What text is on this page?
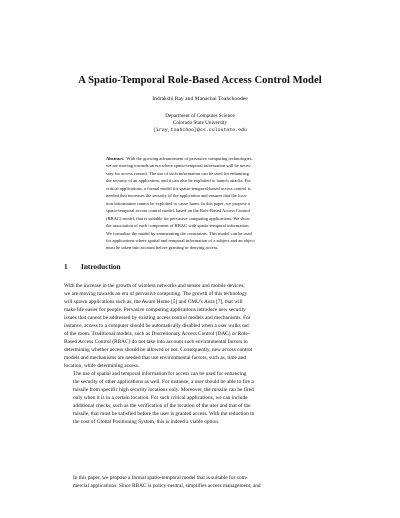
A Spatio-Temporal Role-Based Access Control Model
Indrakshi Ray and Manachai Toahchoodee
Department of Computer Science
Colorado State University
{iray,toahchoo}@cs.colostate.edu
Abstract. With the growing advancement of pervasive computing technologies,
we are moving towards an era where spatio-temporal information will be neces-
sary for access control. The use of such information can be used for enhancing
the security of an application, and it can also be exploited to launch attacks. For
critical applications, a formal model for spatio-temporal-based access control is
needed that increases the security of the application and ensures that the loca-
tion information cannot be exploited to cause harm. In this paper, we propose a
spatio-temporal access control model, based on the Role-Based Access Control
(RBAC) model, that is suitable for pervasive computing applications. We show
the association of each component of RBAC with spatio-temporal information.
We formalize the model by enumerating the constraints. This model can be used
for applications where spatial and temporal information of a subject and an object
must be taken into account before granting or denying access.
1 Introduction
With the increase in the growth of wireless networks and sensor and mobile devices,
we are moving towards an era of pervasive computing. The growth of this technology
will spawn applications such as, the Aware Home [5] and CMU's Aura [7], that will
make life easier for people. Pervasive computing applications introduce new security
issues that cannot be addressed by existing access control models and mechanisms. For
instance, access to a computer should be automatically disabled when a user walks out
of the room. Traditional models, such as Discretionary Access Control (DAC) or Role-
Based Access Control (RBAC) do not take into account such environmental factors in
determining whether access should be allowed or not. Consequently, new access control
models and mechanisms are needed that use environmental factors, such as, time and
location, while determining access.
The use of spatial and temporal information for access can be used for enhancing
the security of other applications as well. For instance, a user should be able to fire a
missile from specific high security locations only. Moreover, the missile can be fired
only when it is in a certain location. For such critical applications, we can include
additional checks, such as the verification of the location of the user and that of the
missile, that must be satisfied before the user is granted access. With the reduction in
the cost of Global Positioning System, this is indeed a viable option.
In this paper, we propose a formal spatio-temporal model that is suitable for com-
mercial applications. Since RBAC is policy-neutral, simplifies access management, and
